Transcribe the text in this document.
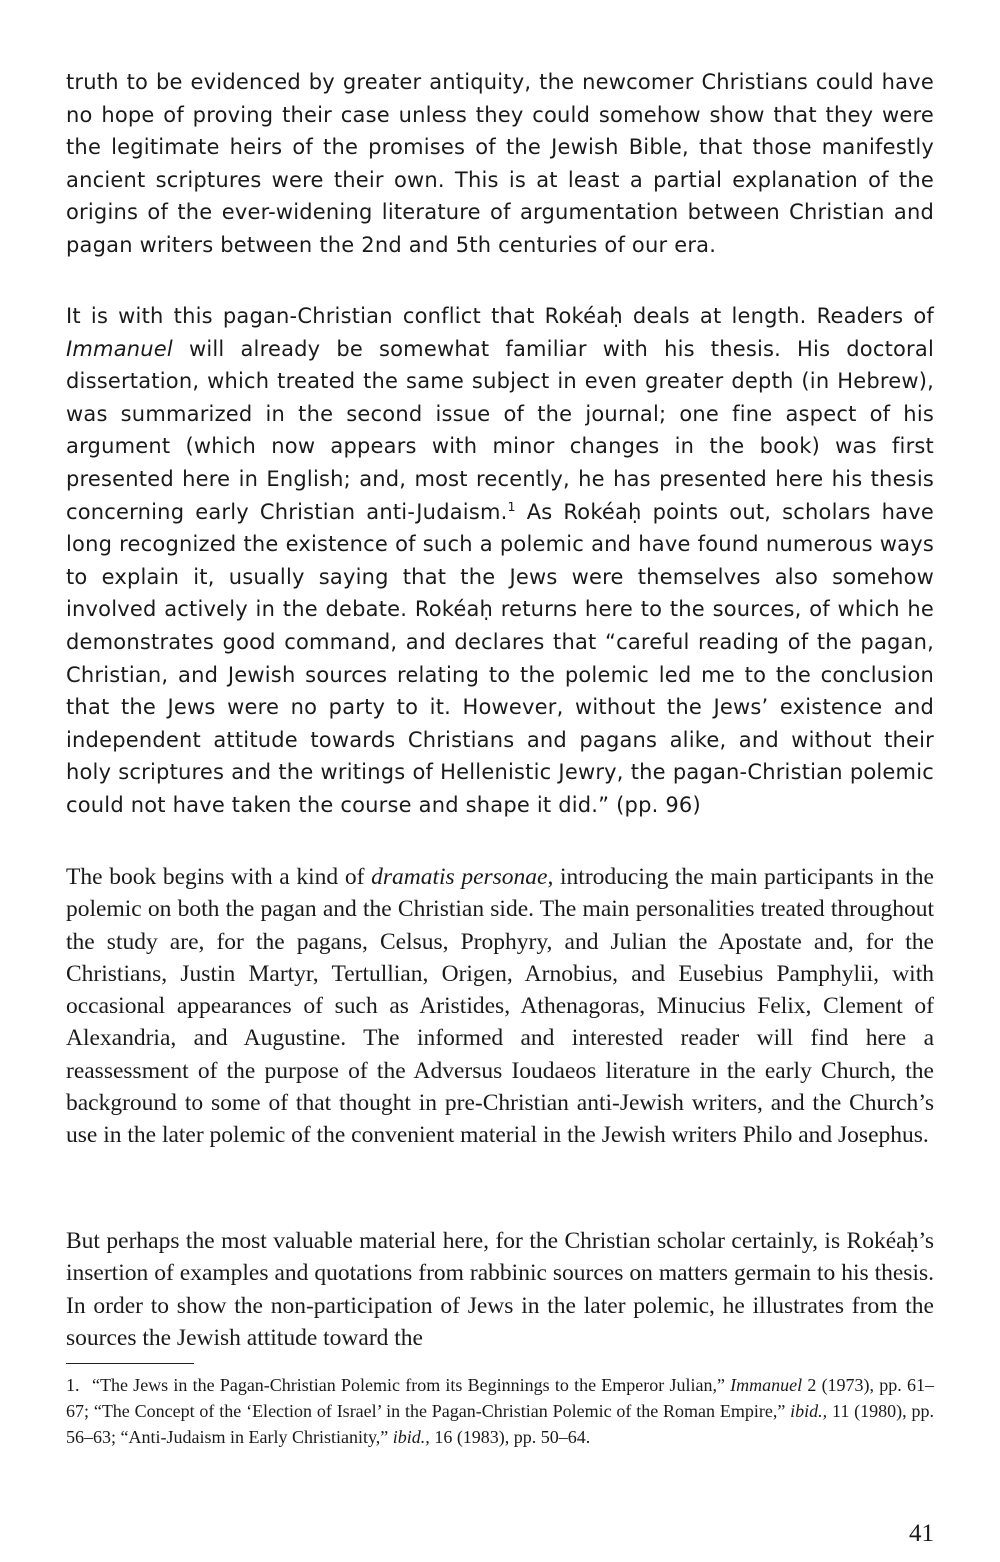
truth to be evidenced by greater antiquity, the newcomer Christians could have no hope of proving their case unless they could somehow show that they were the legitimate heirs of the promises of the Jewish Bible, that those manifestly ancient scriptures were their own. This is at least a partial explanation of the origins of the ever-widening literature of argumentation between Christian and pagan writers between the 2nd and 5th centuries of our era.

It is with this pagan-Christian conflict that Rokéaḥ deals at length. Readers of Immanuel will already be somewhat familiar with his thesis. His doctoral dissertation, which treated the same subject in even greater depth (in Hebrew), was summarized in the second issue of the journal; one fine aspect of his argument (which now appears with minor changes in the book) was first presented here in English; and, most recently, he has presented here his thesis concerning early Christian anti-Judaism.$^1$ As Rokéaḥ points out, scholars have long recognized the existence of such a polemic and have found numerous ways to explain it, usually saying that the Jews were themselves also somehow involved actively in the debate. Rokéaḥ returns here to the sources, of which he demonstrates good command, and declares that “careful reading of the pagan, Christian, and Jewish sources relating to the polemic led me to the conclusion that the Jews were no party to it. However, without the Jews’ existence and independent attitude towards Christians and pagans alike, and without their holy scriptures and the writings of Hellenistic Jewry, the pagan-Christian polemic could not have taken the course and shape it did.” (pp. 96)

The book begins with a kind of dramatis personae, introducing the main participants in the polemic on both the pagan and the Christian side. The main personalities treated throughout the study are, for the pagans, Celsus, Prophyry, and Julian the Apostate and, for the Christians, Justin Martyr, Tertullian, Origen, Arnobius, and Eusebius Pamphylii, with occasional appearances of such as Aristides, Athenagoras, Minucius Felix, Clement of Alexandria, and Augustine. The informed and interested reader will find here a reassessment of the purpose of the Adversus Ioudaeos literature in the early Church, the background to some of that thought in pre-Christian anti-Jewish writers, and the Church’s use in the later polemic of the convenient material in the Jewish writers Philo and Josephus.

But perhaps the most valuable material here, for the Christian scholar certainly, is Rokéaḥ’s insertion of examples and quotations from rabbinic sources on matters germain to his thesis. In order to show the non-participation of Jews in the later polemic, he illustrates from the sources the Jewish attitude toward the

1. “The Jews in the Pagan-Christian Polemic from its Beginnings to the Emperor Julian,” Immanuel 2 (1973), pp. 61–67; “The Concept of the ‘Election of Israel’ in the Pagan-Christian Polemic of the Roman Empire,” ibid., 11 (1980), pp. 56–63; “Anti-Judaism in Early Christianity,” ibid., 16 (1983), pp. 50–64.

41
